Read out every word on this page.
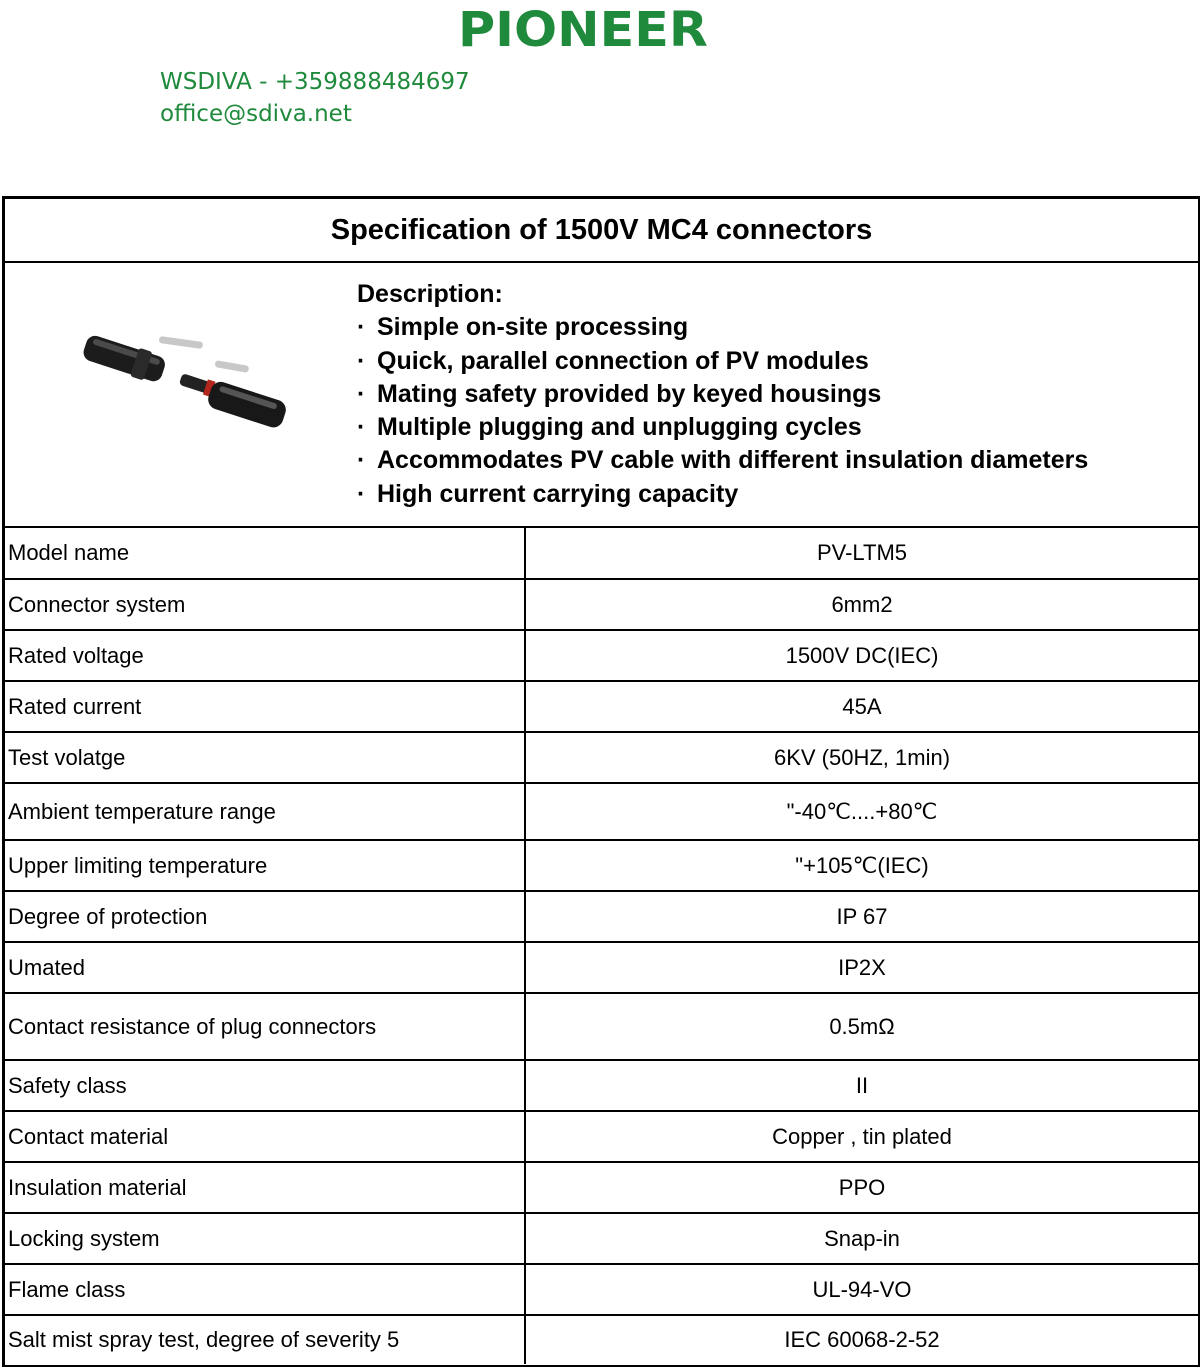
PIONEER
WSDIVA - +359888484697
office@sdiva.net
Specification of 1500V MC4 connectors
Description:
· Simple on-site processing
· Quick, parallel connection of PV modules
· Mating safety provided by keyed housings
· Multiple plugging and unplugging cycles
· Accommodates PV cable with different insulation diameters
· High current carrying capacity
Model name	PV-LTM5
Connector system	6mm2
Rated voltage	1500V DC(IEC)
Rated current	45A
Test volatge	6KV (50HZ, 1min)
Ambient temperature range	"-40℃....+80℃
Upper limiting temperature	"+105℃(IEC)
Degree of protection	IP 67
Umated	IP2X
Contact resistance of plug connectors	0.5mΩ
Safety class	II
Contact material	Copper , tin plated
Insulation material	PPO
Locking system	Snap-in
Flame class	UL-94-VO
Salt mist spray test, degree of severity 5	IEC 60068-2-52
